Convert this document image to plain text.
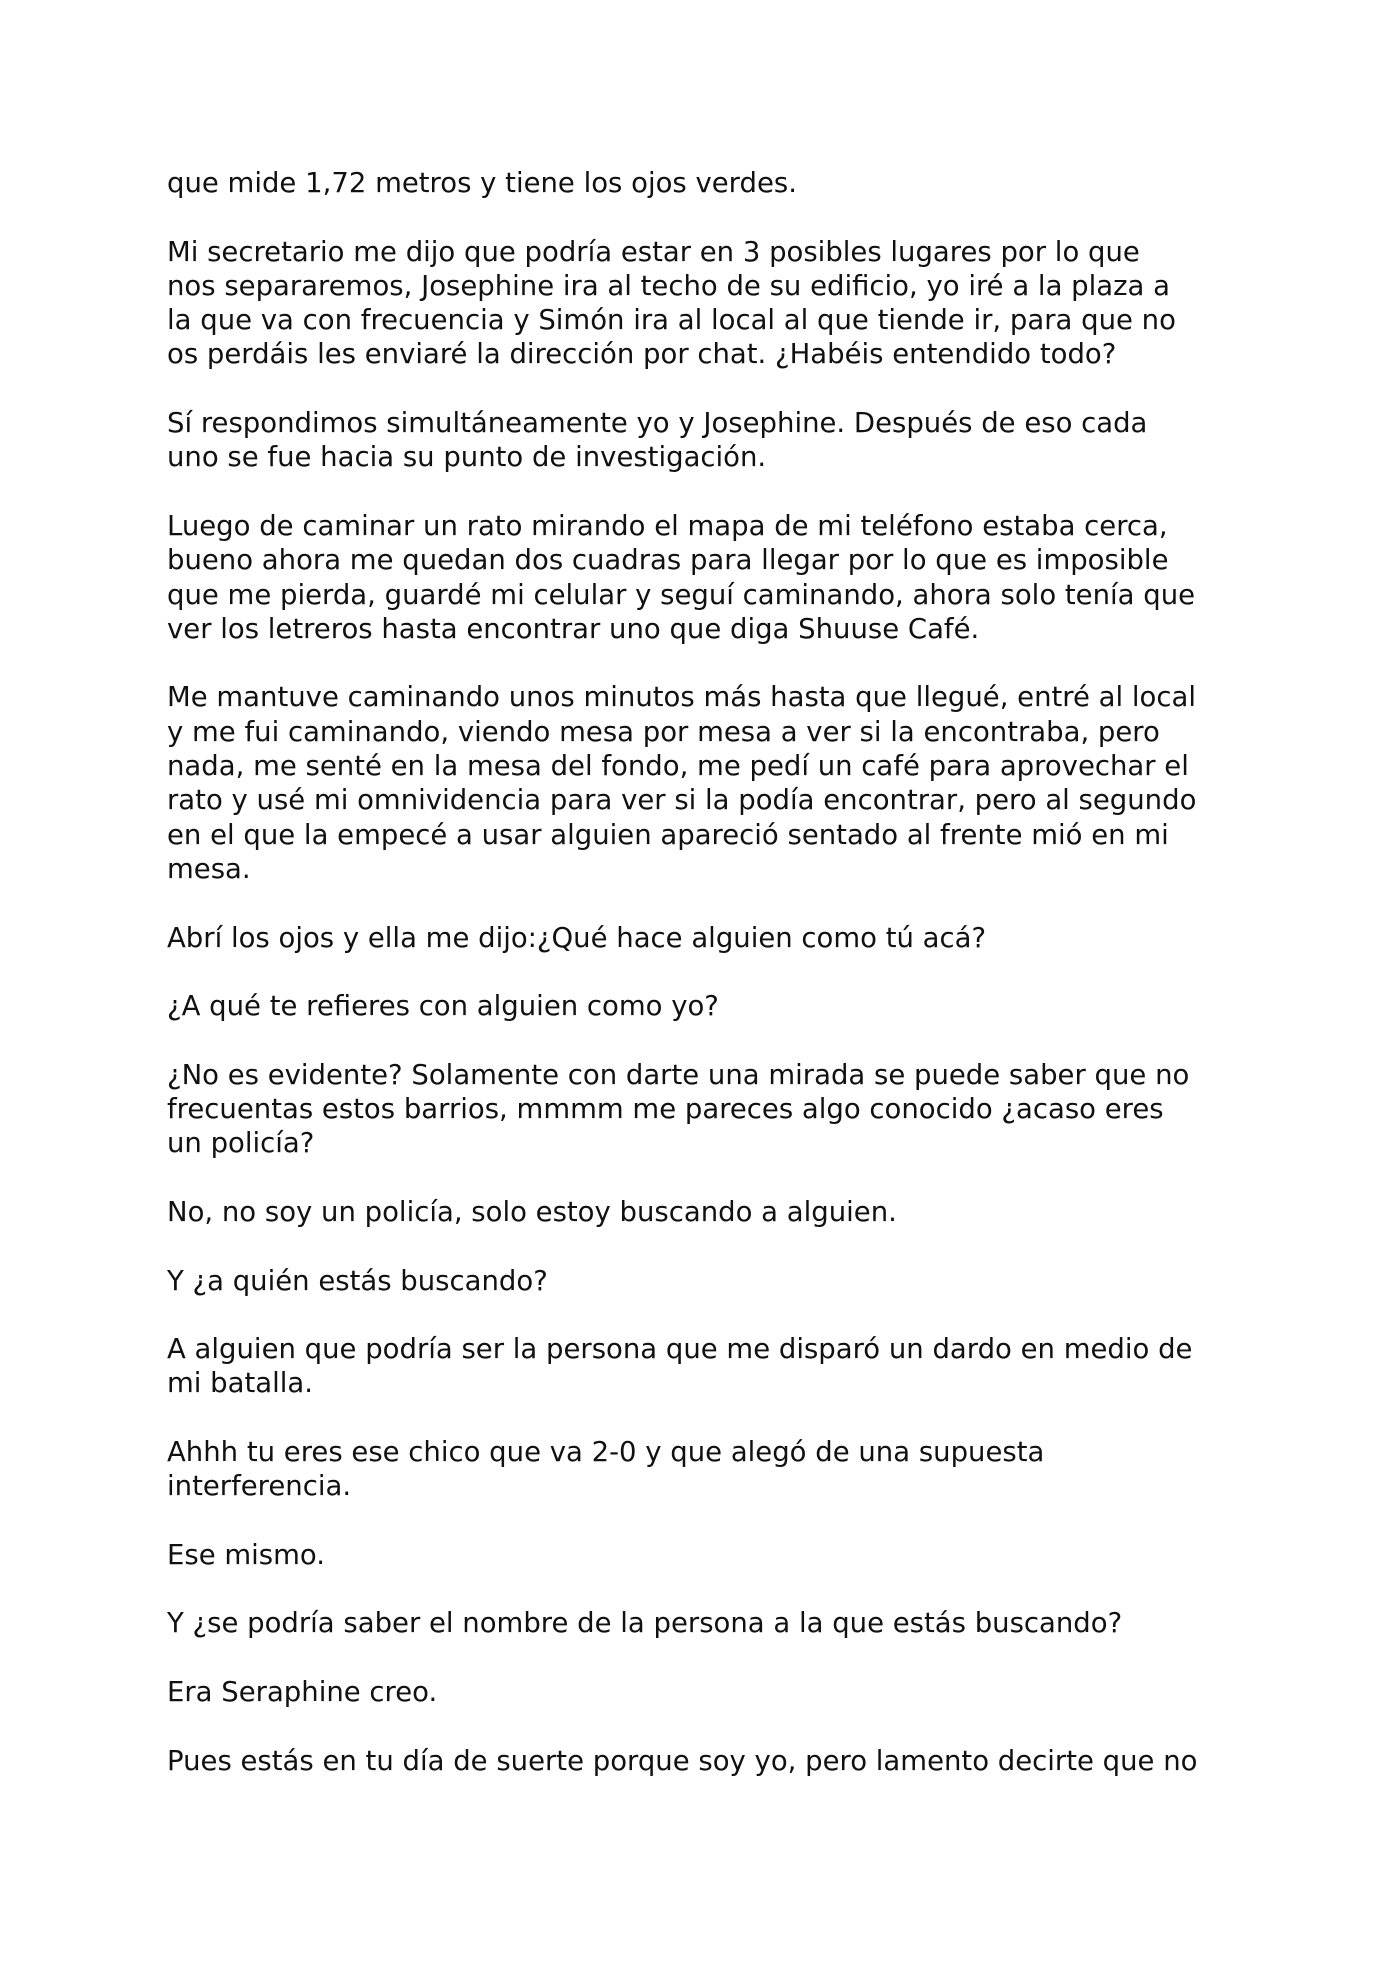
que mide 1,72 metros y tiene los ojos verdes.

Mi secretario me dijo que podría estar en 3 posibles lugares por lo que
nos separaremos, Josephine ira al techo de su edificio, yo iré a la plaza a
la que va con frecuencia y Simón ira al local al que tiende ir, para que no
os perdáis les enviaré la dirección por chat. ¿Habéis entendido todo?

Sí respondimos simultáneamente yo y Josephine. Después de eso cada
uno se fue hacia su punto de investigación.

Luego de caminar un rato mirando el mapa de mi teléfono estaba cerca,
bueno ahora me quedan dos cuadras para llegar por lo que es imposible
que me pierda, guardé mi celular y seguí caminando, ahora solo tenía que
ver los letreros hasta encontrar uno que diga Shuuse Café.

Me mantuve caminando unos minutos más hasta que llegué, entré al local
y me fui caminando, viendo mesa por mesa a ver si la encontraba, pero
nada, me senté en la mesa del fondo, me pedí un café para aprovechar el
rato y usé mi omnividencia para ver si la podía encontrar, pero al segundo
en el que la empecé a usar alguien apareció sentado al frente mió en mi
mesa.

Abrí los ojos y ella me dijo:¿Qué hace alguien como tú acá?

¿A qué te refieres con alguien como yo?

¿No es evidente? Solamente con darte una mirada se puede saber que no
frecuentas estos barrios, mmmm me pareces algo conocido ¿acaso eres
un policía?

No, no soy un policía, solo estoy buscando a alguien.

Y ¿a quién estás buscando?

A alguien que podría ser la persona que me disparó un dardo en medio de
mi batalla.

Ahhh tu eres ese chico que va 2-0 y que alegó de una supuesta
interferencia.

Ese mismo.

Y ¿se podría saber el nombre de la persona a la que estás buscando?

Era Seraphine creo.

Pues estás en tu día de suerte porque soy yo, pero lamento decirte que no
